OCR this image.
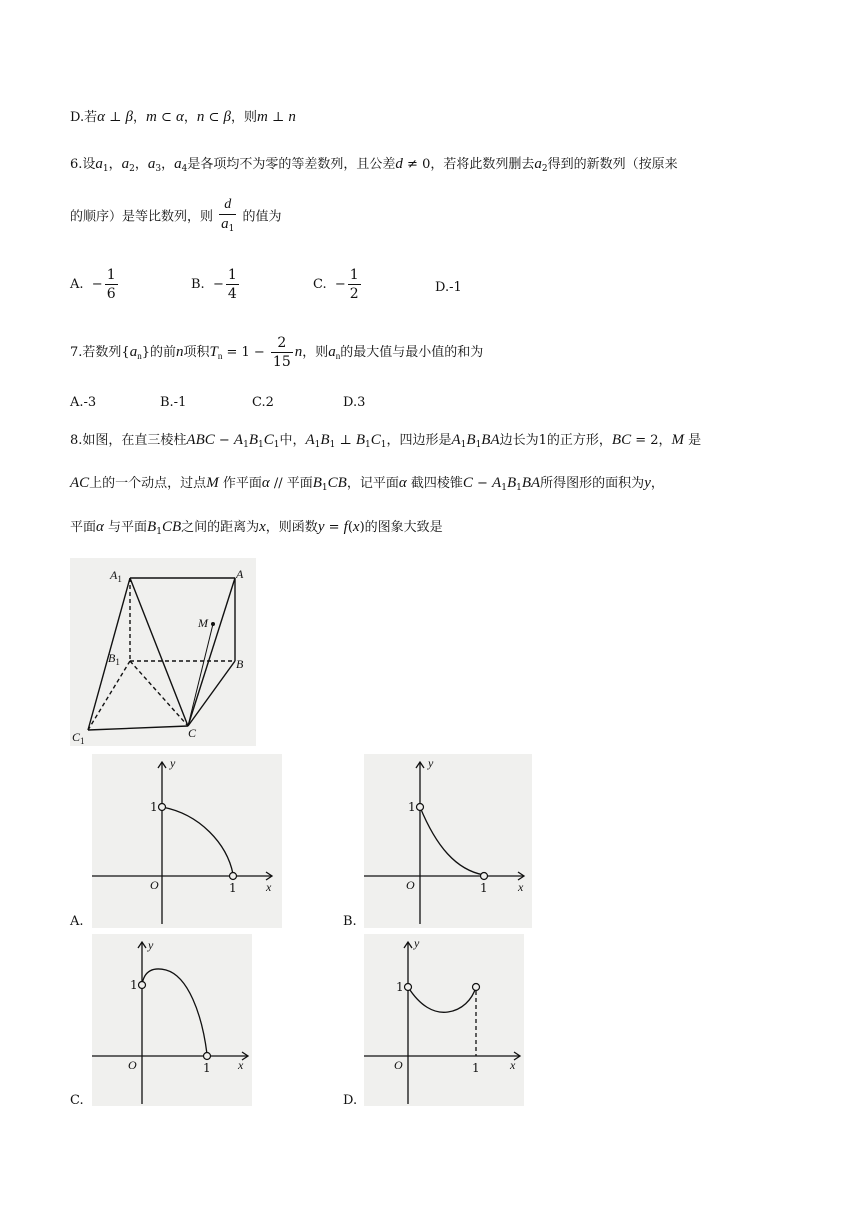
D.若α ⊥ β，m ⊂ α，n ⊂ β，则m ⊥ n
6.设$a_1$，$a_2$，$a_3$，$a_4$是各项均不为零的等差数列，且公差d ≠ 0，若将此数列删去$a_2$得到的新数列（按原来
的顺序）是等比数列，则 $\frac{d}{a_1}$ 的值为
A.  − $\frac{1}{6}$	B.  − $\frac{1}{4}$	C.  − $\frac{1}{2}$	D.-1
7.若数列$\{a_n\}$的前n项积$T_n = 1 - \frac{2}{15}$ n，则$a_n$的最大值与最小值的和为
A.-3	B.-1	C.2	D.3
8.如图，在直三棱柱ABC − $A_1B_1C_1$中，$A_1B_1$ ⊥ $B_1C_1$，四边形是$A_1B_1BA$边长为1的正方形，BC = 2，M 是
AC上的一个动点，过点M 作平面α // 平面$B_1CB$，记平面α 截四棱锥$C - A_1B_1BA$所得图形的面积为y，
平面α 与平面$B_1CB$之间的距离为x，则函数y = f(x)的图象大致是
$A_1$	A
M
$B_1$	B
$C_1$
C
y
1
O	1 x
A.
y
1
O	1	x
B.
y
1
O	1 x
C.
y
1
O	1	x
D.
